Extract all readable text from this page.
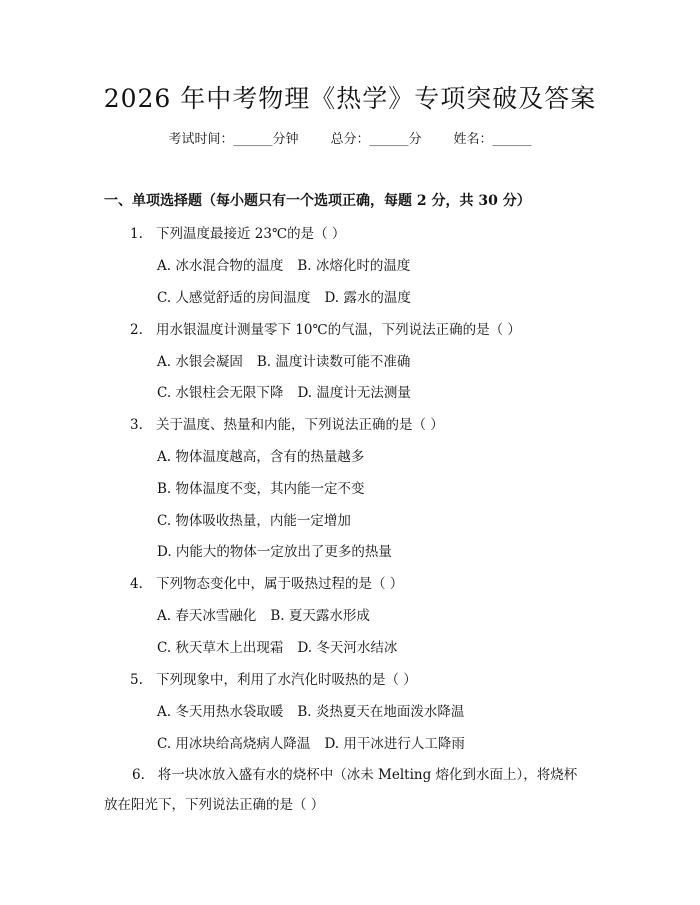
2026 年中考物理《热学》专项突破及答案
考试时间：______分钟 总分：______分 姓名：______
一、单项选择题（每小题只有一个选项正确，每题 2 分，共 30 分）
1. 下列温度最接近 23℃的是（ ）
A. 冰水混合物的温度 B. 冰熔化时的温度
C. 人感觉舒适的房间温度 D. 露水的温度
2. 用水银温度计测量零下 10℃的气温，下列说法正确的是（ ）
A. 水银会凝固 B. 温度计读数可能不准确
C. 水银柱会无限下降 D. 温度计无法测量
3. 关于温度、热量和内能，下列说法正确的是（ ）
A. 物体温度越高，含有的热量越多
B. 物体温度不变，其内能一定不变
C. 物体吸收热量，内能一定增加
D. 内能大的物体一定放出了更多的热量
4. 下列物态变化中，属于吸热过程的是（ ）
A. 春天冰雪融化 B. 夏天露水形成
C. 秋天草木上出现霜 D. 冬天河水结冰
5. 下列现象中，利用了水汽化时吸热的是（ ）
A. 冬天用热水袋取暖 B. 炎热夏天在地面泼水降温
C. 用冰块给高烧病人降温 D. 用干冰进行人工降雨
6. 将一块冰放入盛有水的烧杯中（冰未 Melting 熔化到水面上），将烧杯
放在阳光下，下列说法正确的是（ ）
